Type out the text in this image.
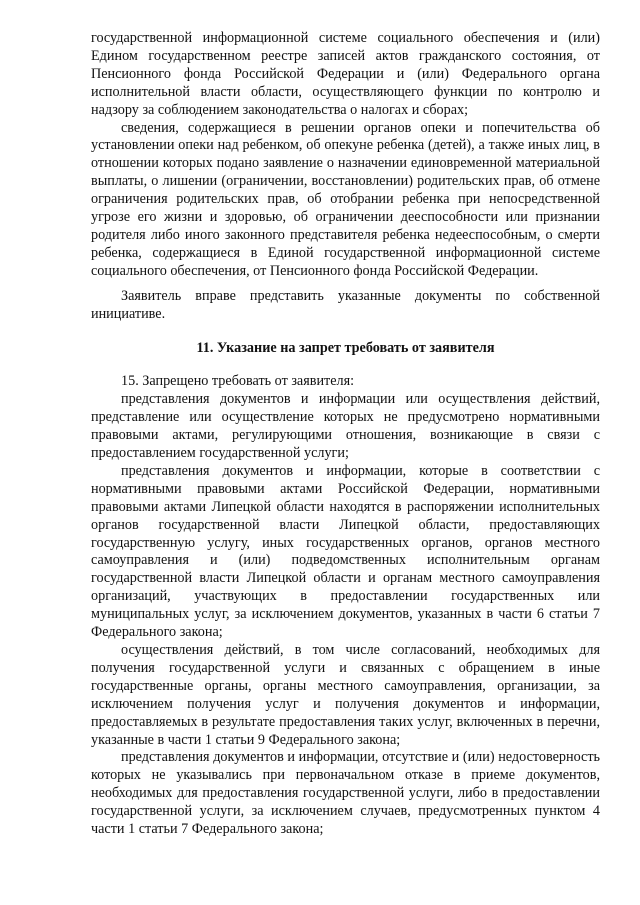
государственной информационной системе социального обеспечения и (или) Едином государственном реестре записей актов гражданского состояния, от Пенсионного фонда Российской Федерации и (или) Федерального органа исполнительной власти области, осуществляющего функции по контролю и надзору за соблюдением законодательства о налогах и сборах;

сведения, содержащиеся в решении органов опеки и попечительства об установлении опеки над ребенком, об опекуне ребенка (детей), а также иных лиц, в отношении которых подано заявление о назначении единовременной материальной выплаты, о лишении (ограничении, восстановлении) родительских прав, об отмене ограничения родительских прав, об отобрании ребенка при непосредственной угрозе его жизни и здоровью, об ограничении дееспособности или признании родителя либо иного законного представителя ребенка недееспособным, о смерти ребенка, содержащиеся в Единой государственной информационной системе социального обеспечения, от Пенсионного фонда Российской Федерации.

Заявитель вправе представить указанные документы по собственной инициативе.

11. Указание на запрет требовать от заявителя

15. Запрещено требовать от заявителя:

представления документов и информации или осуществления действий, представление или осуществление которых не предусмотрено нормативными правовыми актами, регулирующими отношения, возникающие в связи с предоставлением государственной услуги;

представления документов и информации, которые в соответствии с нормативными правовыми актами Российской Федерации, нормативными правовыми актами Липецкой области находятся в распоряжении исполнительных органов государственной власти Липецкой области, предоставляющих государственную услугу, иных государственных органов, органов местного самоуправления и (или) подведомственных исполнительным органам государственной власти Липецкой области и органам местного самоуправления организаций, участвующих в предоставлении государственных или муниципальных услуг, за исключением документов, указанных в части 6 статьи 7 Федерального закона;

осуществления действий, в том числе согласований, необходимых для получения государственной услуги и связанных с обращением в иные государственные органы, органы местного самоуправления, организации, за исключением получения услуг и получения документов и информации, предоставляемых в результате предоставления таких услуг, включенных в перечни, указанные в части 1 статьи 9 Федерального закона;

представления документов и информации, отсутствие и (или) недостоверность которых не указывались при первоначальном отказе в приеме документов, необходимых для предоставления государственной услуги, либо в предоставлении государственной услуги, за исключением случаев, предусмотренных пунктом 4 части 1 статьи 7 Федерального закона;
